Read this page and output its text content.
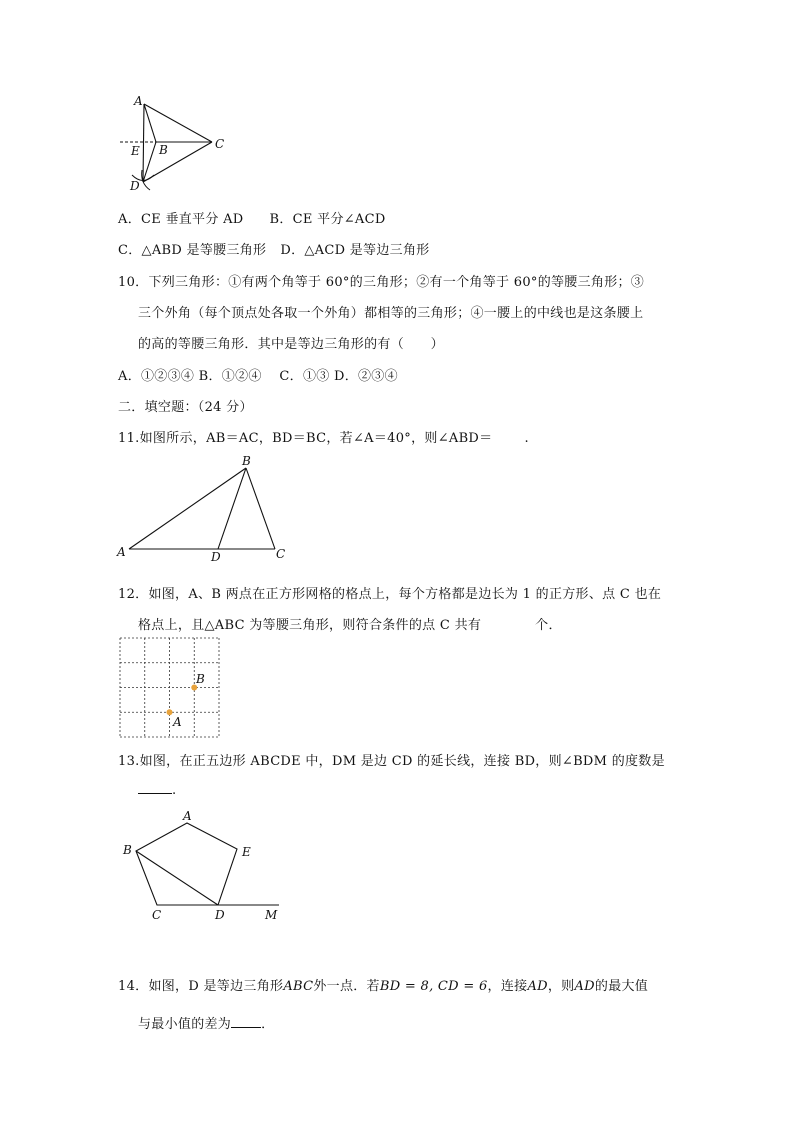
A
E B	C
D
A．CE 垂直平分 AD B．CE 平分∠ACD
C．△ABD 是等腰三角形 D．△ACD 是等边三角形
10．下列三角形：①有两个角等于 60°的三角形；②有一个角等于 60°的等腰三角形；③
三个外角（每个顶点处各取一个外角）都相等的三角形；④一腰上的中线也是这条腰上
的高的等腰三角形．其中是等边三角形的有（　　）
A．①②③④ B．①②④　 C．①③ D．②③④
二．填空题：（24 分）
11.如图所示，AB＝AC，BD＝BC，若∠A＝40°，则∠ABD＝ .
B
A	D	C
12．如图，A、B 两点在正方形网格的格点上，每个方格都是边长为 1 的正方形、点 C 也在
格点上，且△ABC 为等腰三角形，则符合条件的点 C 共有	个．
B
A
13.如图，在正五边形 ABCDE 中，DM 是边 CD 的延长线，连接 BD，则∠BDM 的度数是
.
A
B	E
C	D	M
14．如图，D 是等边三角形ABC外一点．若BD = 8, CD = 6，连接AD，则AD的最大值
与最小值的差为 ．
